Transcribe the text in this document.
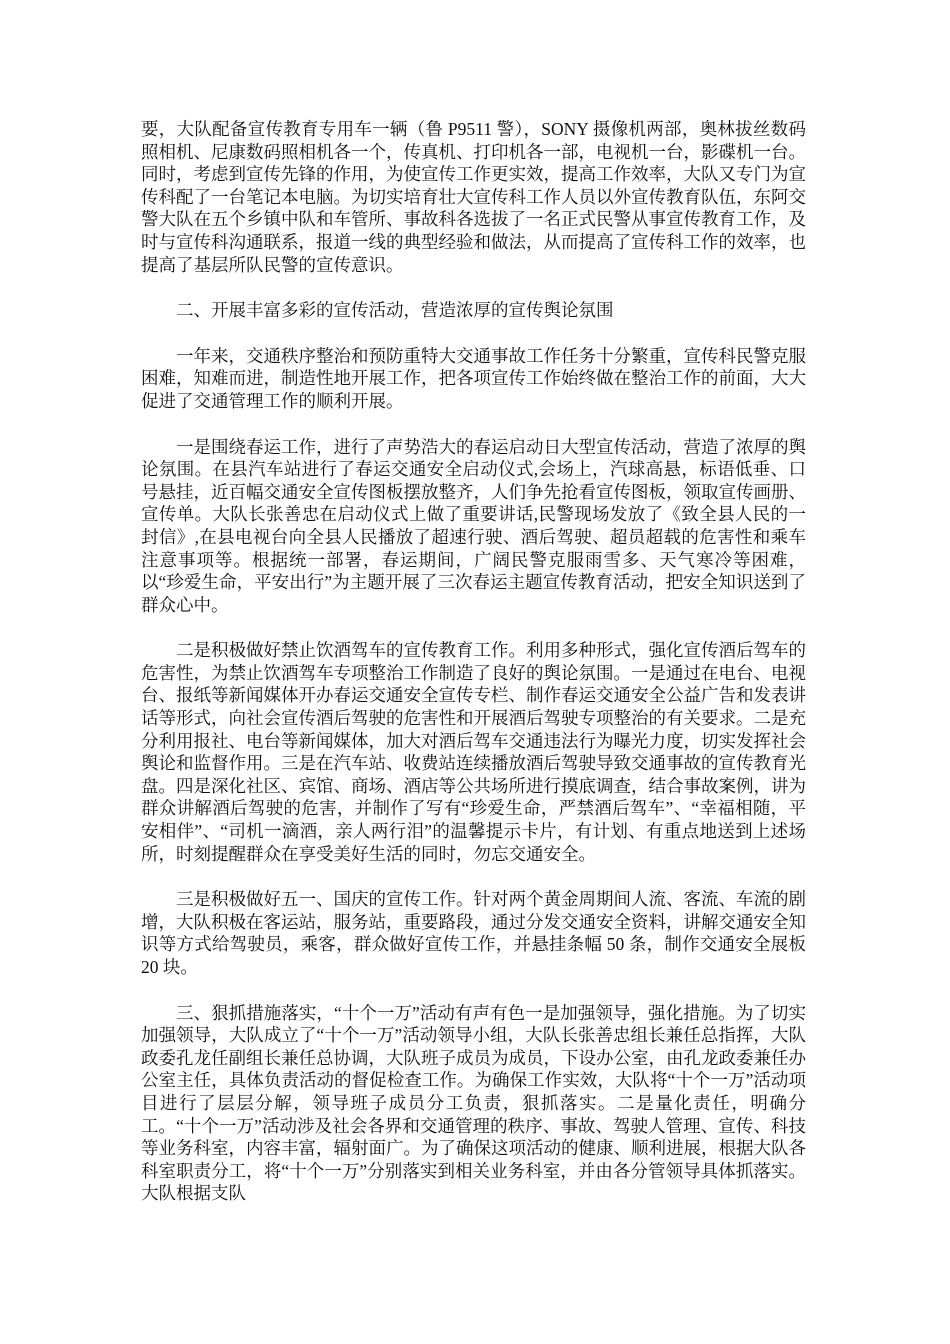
要，大队配备宣传教育专用车一辆（鲁 P9511 警），SONY 摄像机两部，奥林拔丝数码照相机、尼康数码照相机各一个，传真机、打印机各一部，电视机一台，影碟机一台。同时，考虑到宣传先锋的作用，为使宣传工作更实效，提高工作效率，大队又专门为宣传科配了一台笔记本电脑。为切实培育壮大宣传科工作人员以外宣传教育队伍，东阿交警大队在五个乡镇中队和车管所、事故科各选拔了一名正式民警从事宣传教育工作，及时与宣传科沟通联系，报道一线的典型经验和做法，从而提高了宣传科工作的效率，也提高了基层所队民警的宣传意识。

二、开展丰富多彩的宣传活动，营造浓厚的宣传舆论氛围

一年来，交通秩序整治和预防重特大交通事故工作任务十分繁重，宣传科民警克服困难，知难而进，制造性地开展工作，把各项宣传工作始终做在整治工作的前面，大大促进了交通管理工作的顺利开展。

一是围绕春运工作，进行了声势浩大的春运启动日大型宣传活动，营造了浓厚的舆论氛围。在县汽车站进行了春运交通安全启动仪式,会场上，汽球高悬，标语低垂、口号悬挂，近百幅交通安全宣传图板摆放整齐，人们争先抢看宣传图板，领取宣传画册、宣传单。大队长张善忠在启动仪式上做了重要讲话,民警现场发放了《致全县人民的一封信》,在县电视台向全县人民播放了超速行驶、酒后驾驶、超员超载的危害性和乘车注意事项等。根据统一部署，春运期间，广阔民警克服雨雪多、天气寒冷等困难，以“珍爱生命，平安出行”为主题开展了三次春运主题宣传教育活动，把安全知识送到了群众心中。

二是积极做好禁止饮酒驾车的宣传教育工作。利用多种形式，强化宣传酒后驾车的危害性，为禁止饮酒驾车专项整治工作制造了良好的舆论氛围。一是通过在电台、电视台、报纸等新闻媒体开办春运交通安全宣传专栏、制作春运交通安全公益广告和发表讲话等形式，向社会宣传酒后驾驶的危害性和开展酒后驾驶专项整治的有关要求。二是充分利用报社、电台等新闻媒体，加大对酒后驾车交通违法行为曝光力度，切实发挥社会舆论和监督作用。三是在汽车站、收费站连续播放酒后驾驶导致交通事故的宣传教育光盘。四是深化社区、宾馆、商场、酒店等公共场所进行摸底调查，结合事故案例，讲为群众讲解酒后驾驶的危害，并制作了写有“珍爱生命，严禁酒后驾车”、“幸福相随，平安相伴”、“司机一滴酒，亲人两行泪”的温馨提示卡片，有计划、有重点地送到上述场所，时刻提醒群众在享受美好生活的同时，勿忘交通安全。

三是积极做好五一、国庆的宣传工作。针对两个黄金周期间人流、客流、车流的剧增，大队积极在客运站，服务站，重要路段，通过分发交通安全资料，讲解交通安全知识等方式给驾驶员，乘客，群众做好宣传工作，并悬挂条幅 50 条，制作交通安全展板 20 块。

三、狠抓措施落实，“十个一万”活动有声有色一是加强领导，强化措施。为了切实加强领导，大队成立了“十个一万”活动领导小组，大队长张善忠组长兼任总指挥，大队政委孔龙任副组长兼任总协调，大队班子成员为成员，下设办公室，由孔龙政委兼任办公室主任，具体负责活动的督促检查工作。为确保工作实效，大队将“十个一万”活动项目进行了层层分解，领导班子成员分工负责，狠抓落实。二是量化责任，明确分工。“十个一万”活动涉及社会各界和交通管理的秩序、事故、驾驶人管理、宣传、科技等业务科室，内容丰富，辐射面广。为了确保这项活动的健康、顺利进展，根据大队各科室职责分工，将“十个一万”分别落实到相关业务科室，并由各分管领导具体抓落实。大队根据支队
